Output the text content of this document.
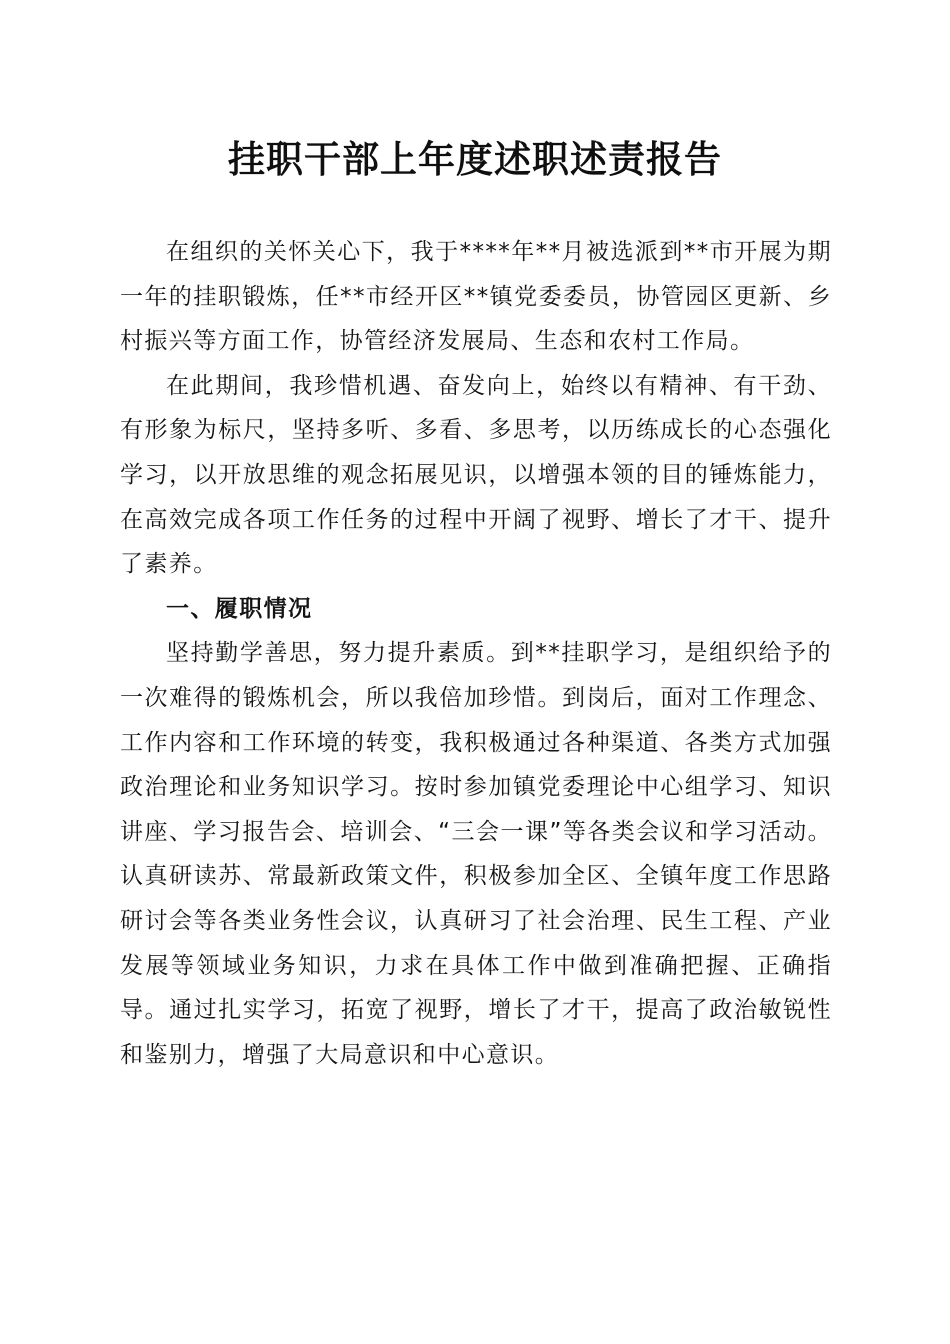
挂职干部上年度述职述责报告

在组织的关怀关心下，我于****年**月被选派到**市开展为期一年的挂职锻炼，任**市经开区**镇党委委员，协管园区更新、乡村振兴等方面工作，协管经济发展局、生态和农村工作局。

在此期间，我珍惜机遇、奋发向上，始终以有精神、有干劲、有形象为标尺，坚持多听、多看、多思考，以历练成长的心态强化学习，以开放思维的观念拓展见识，以增强本领的目的锤炼能力，在高效完成各项工作任务的过程中开阔了视野、增长了才干、提升了素养。

一、履职情况

坚持勤学善思，努力提升素质。到**挂职学习，是组织给予的一次难得的锻炼机会，所以我倍加珍惜。到岗后，面对工作理念、工作内容和工作环境的转变，我积极通过各种渠道、各类方式加强政治理论和业务知识学习。按时参加镇党委理论中心组学习、知识讲座、学习报告会、培训会、“三会一课”等各类会议和学习活动。认真研读苏、常最新政策文件，积极参加全区、全镇年度工作思路研讨会等各类业务性会议，认真研习了社会治理、民生工程、产业发展等领域业务知识，力求在具体工作中做到准确把握、正确指导。通过扎实学习，拓宽了视野，增长了才干，提高了政治敏锐性和鉴别力，增强了大局意识和中心意识。
